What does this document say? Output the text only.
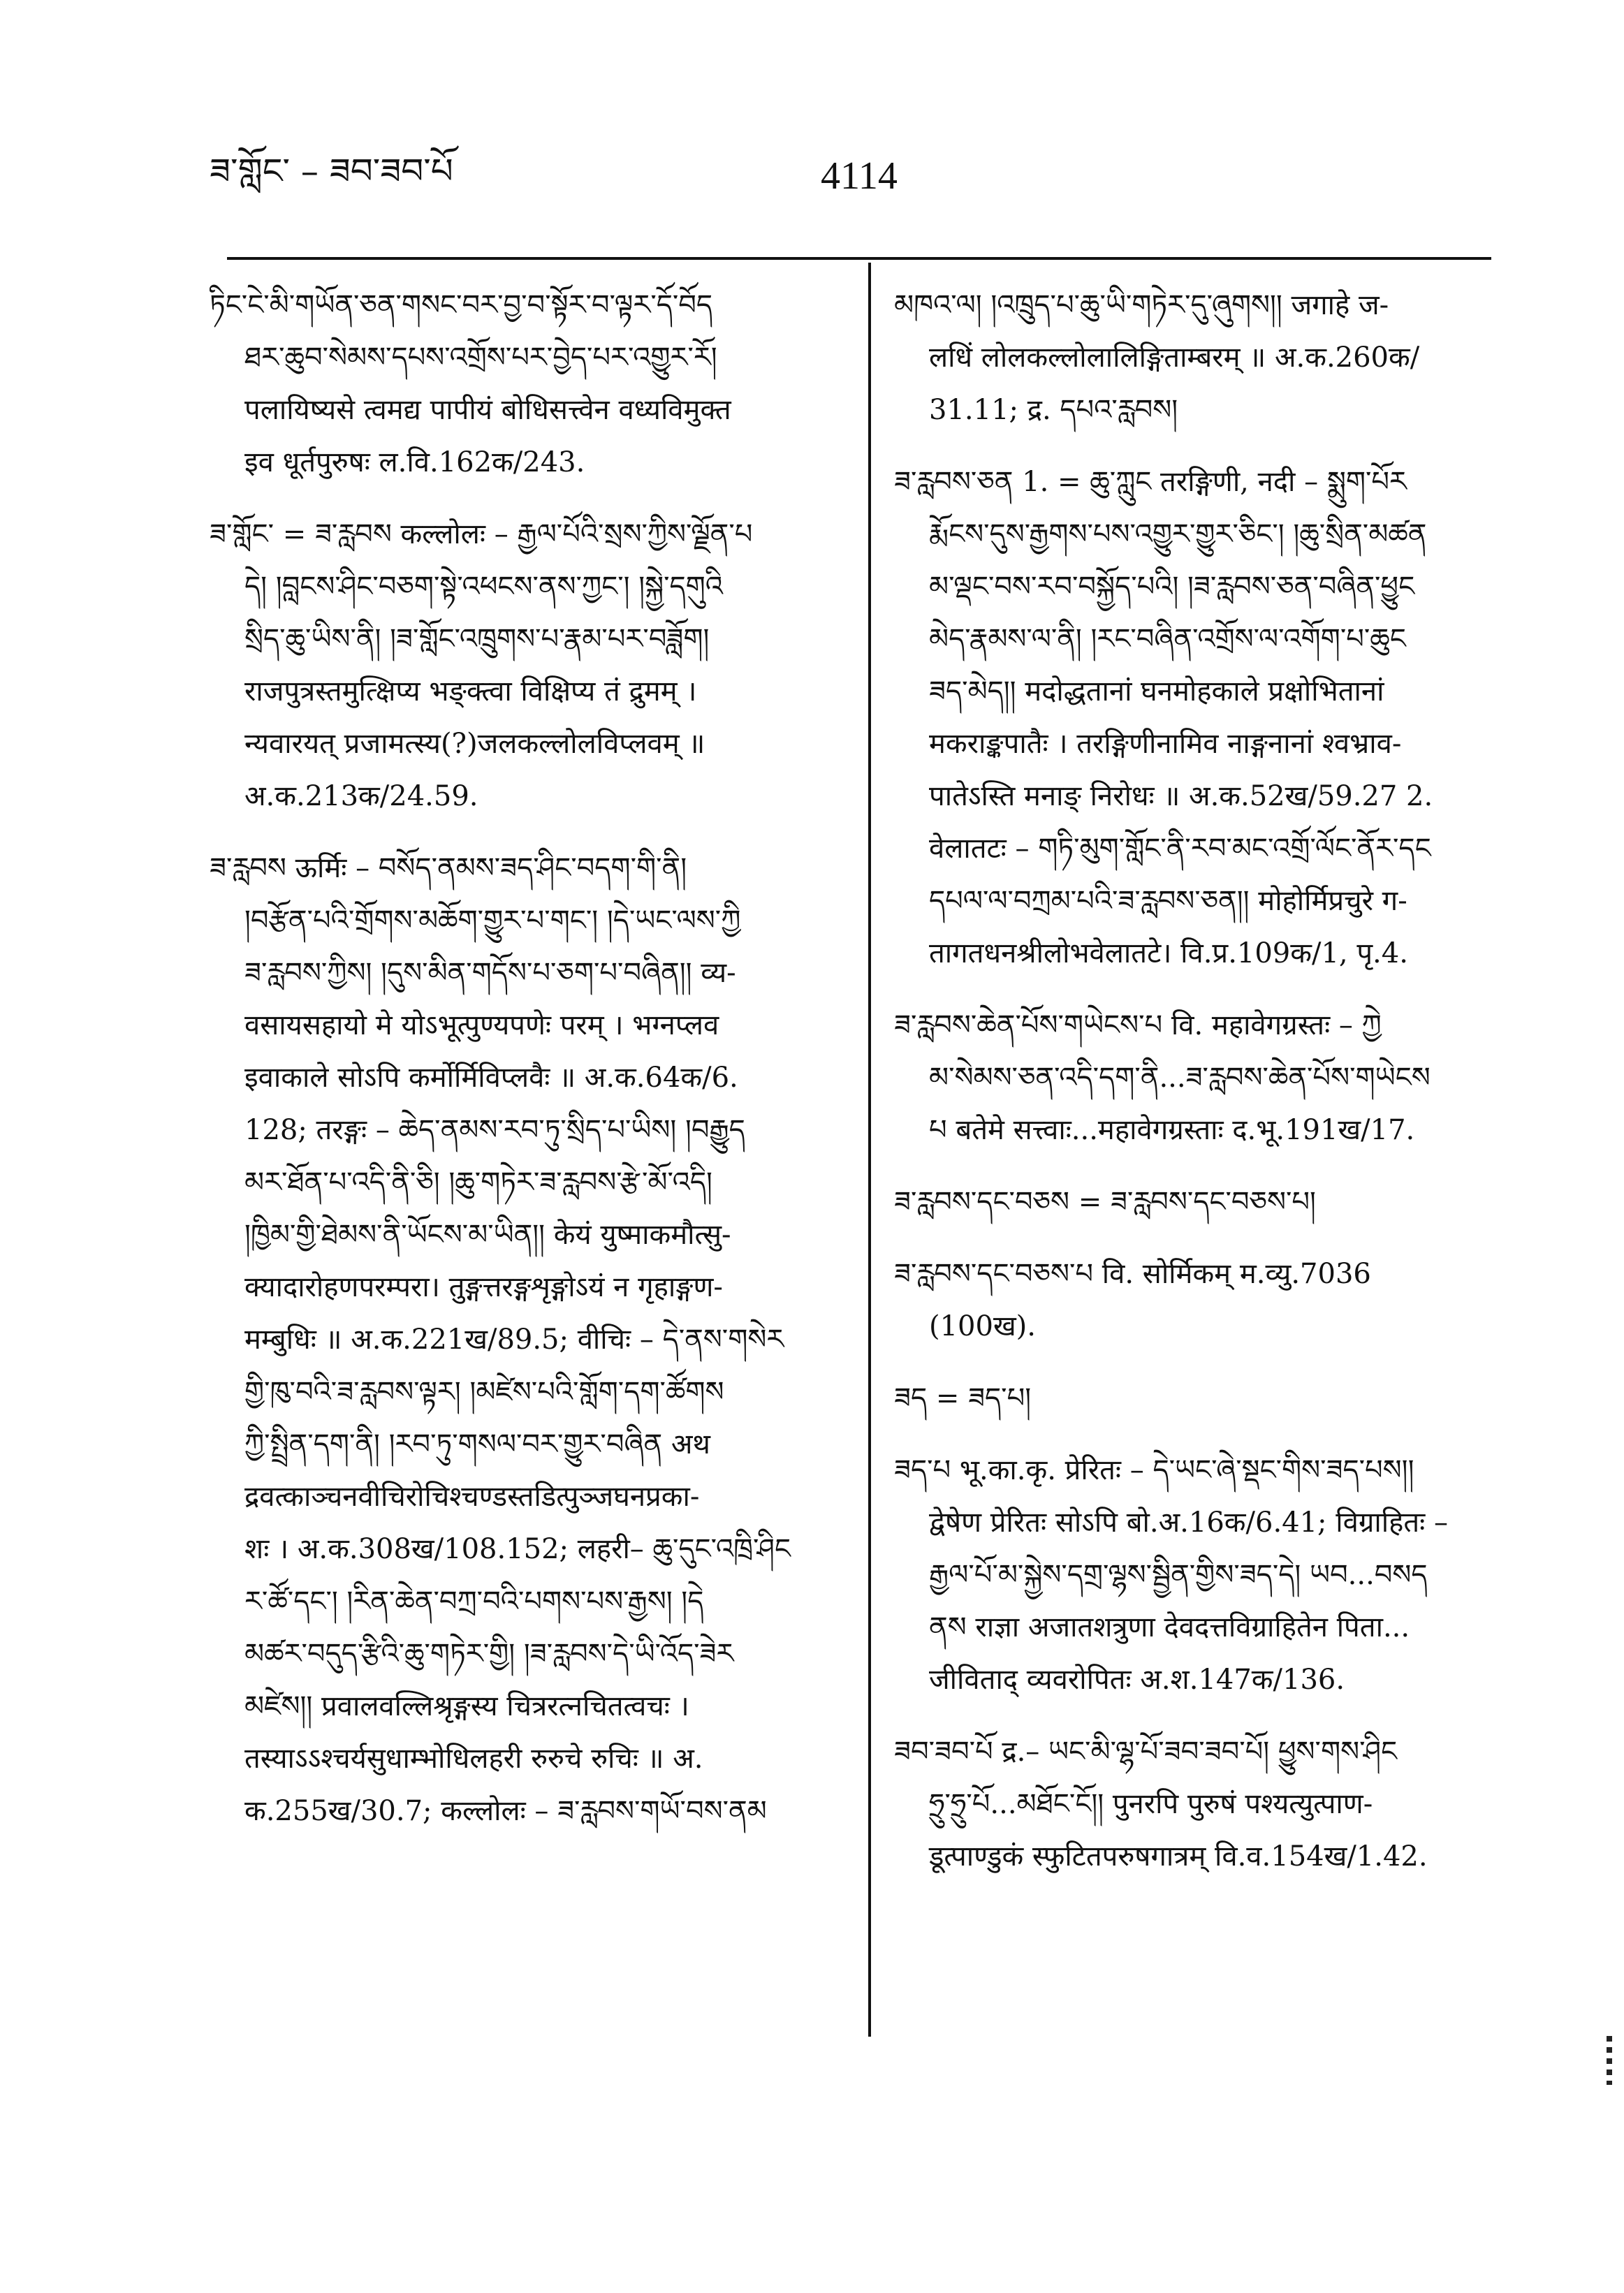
ཟ་གློང་ – ཟབ་ཟབ་པོ	4114
ཏིང་ངེ་མི་གཡོན་ཅན་གསང་བར་བྱ་བ་སྟོར་བ་ལྟར་དོ་བོད
ཐར་ཆུབ་སེམས་དཔས་འགྲོས་པར་བྱེད་པར་འགྱུར་རོ།
पलायिष्यसे त्वमद्य पापीयं बोधिसत्त्वेन वध्यविमुक्त
इव धूर्तपुरुषः ल.वि.162क/243.
ཟ་གློང་ = ཟ་རླབས कल्लोलः – རྒྱལ་པོའི་སྲས་ཀྱིས་ལྗོན་པ
དེ། །བླངས་ཤིང་བཅག་སྟེ་འཕངས་ནས་ཀྱང་། །སྐྱེ་དགུའི
སྲིད་ཆུ་ཡིས་ནི། །ཟ་གློང་འཁྲུགས་པ་རྣམ་པར་བཟློག།
राजपुत्रस्तमुत्क्षिप्य भङ्क्त्वा विक्षिप्य तं द्रुमम् ।
न्यवारयत् प्रजामत्स्य(?)जलकल्लोलविप्लवम् ॥
अ.क.213क/24.59.
ཟ་རླབས ऊर्मिः – བསོད་ནམས་ཟད་ཤིང་བདག་གི་ནི།
།བརྩོན་པའི་གྲོགས་མཆོག་གྱུར་པ་གང་། །དེ་ཡང་ལས་ཀྱི
ཟ་རླབས་ཀྱིས། །དུས་མིན་གདོས་པ་ཅག་པ་བཞིན།། व्य-
वसायसहायो मे योऽभूत्पुण्यपणेः परम् । भग्नप्लव
इवाकाले सोऽपि कर्मोर्मिविप्लवैः ॥ अ.क.64क/6.
128; तरङ्गः – ཆེད་ནམས་རབ་ཏུ་སྲིད་པ་ཡིས། །བརྒྱུད
མར་ཐོན་པ་འདི་ནི་ཅི། །ཆུ་གཏེར་ཟ་རླབས་རྩེ་མོ་འདི།
།ཁྱིམ་གྱི་ཐེམས་ནི་ཡོངས་མ་ཡིན།། केयं युष्माकमौत्सु-
क्यादारोहणपरम्परा। तुङ्गत्तरङ्गशृङ्गोऽयं न गृहाङ्गण-
मम्बुधिः ॥ अ.क.221ख/89.5; वीचिः – དེ་ནས་གསེར
གྱི་ཁུ་བའི་ཟ་རླབས་ལྟར། །མཛེས་པའི་གློག་དག་ཚོགས
ཀྱི་སྤྲིན་དག་ནི། །རབ་ཏུ་གསལ་བར་གྱུར་བཞིན अथ
द्रवत्काञ्चनवीचिरोचिश्चण्डस्तडित्पुञ्जघनप्रका-
शः । अ.क.308ख/108.152; लहरी– ཆུ་དུང་འཁྲི་ཤིང
ར་ཚོ་དང་། །རིན་ཆེན་བཀྲ་བའི་པགས་པས་རྒྱས། །དེ
མཚར་བདུད་རྩིའི་ཆུ་གཏེར་གྱི། །ཟ་རླབས་དེ་ཡི་འོད་ཟེར
མཛེས།། प्रवालवल्लिश्रृङ्गस्य चित्ररत्नचितत्वचः ।
तस्याऽऽश्चर्यसुधाम्भोधिलहरी रुरुचे रुचिः ॥ अ.
क.255ख/30.7; कल्लोलः – ཟ་རླབས་གཡོ་བས་ནམ
མཁའ་ལ། །འཁྲུད་པ་ཆུ་ཡི་གཏེར་དུ་ཞུགས།། जगाहे ज-
लधिं लोलकल्लोलालिङ्गिताम्बरम् ॥ अ.क.260क/
31.11; द्र. དཔའ་རླབས།
ཟ་རླབས་ཅན 1. = ཆུ་ཀླུང तरङ्गिणी, नदी – སྨུག་པོར
རྨོངས་དུས་རྒྱགས་པས་འགྱུར་གྱུར་ཅིང་། །ཆུ་སྲིན་མཚན
མ་ལྡང་བས་རབ་བསྐྱོད་པའི། །ཟ་རླབས་ཅན་བཞིན་ཕྱུང
མེད་རྣམས་ལ་ནི། །རང་བཞིན་འགྲོས་ལ་འགོག་པ་ཆུང
ཟད་མེད།། मदोद्धतानां घनमोहकाले प्रक्षोभितानां
मकराङ्कपातैः । तरङ्गिणीनामिव नाङ्गनानां श्वभ्राव-
पातेऽस्ति मनाङ् निरोधः ॥ अ.क.52ख/59.27 2.
वेलातटः – གཏི་མུག་གློང་ནི་རབ་མང་འགྲོ་ལོང་ནོར་དང
དཔལ་ལ་བཀྲམ་པའི་ཟ་རླབས་ཅན།། मोहोर्मिप्रचुरे ग-
तागतधनश्रीलोभवेलातटे। वि.प्र.109क/1, पृ.4.
ཟ་རླབས་ཆེན་པོས་གཡེངས་པ वि. महावेगग्रस्तः – ཀྱེ
མ་སེམས་ཅན་འདི་དག་ནི...ཟ་རླབས་ཆེན་པོས་གཡེངས
པ बतेमे सत्त्वाः...महावेगग्रस्ताः द.भू.191ख/17.
ཟ་རླབས་དང་བཅས = ཟ་རླབས་དང་བཅས་པ།
ཟ་རླབས་དང་བཅས་པ वि. सोर्मिकम् म.व्यु.7036
(100ख).
ཟད = ཟད་པ།
ཟད་པ भू.का.कृ. प्रेरितः – དེ་ཡང་ཞེ་སྡང་གིས་ཟད་པས།།
द्वेषेण प्रेरितः सोऽपि बो.अ.16क/6.41; विग्राहितः –
རྒྱལ་པོ་མ་སྐྱེས་དགྲ་ལྷས་སྦྱིན་གྱིས་ཟད་དེ། ཡབ...བསད
ནས राज्ञा अजातशत्रुणा देवदत्तविग्राहितेन पिता...
जीविताद् व्यवरोपितः अ.श.147क/136.
ཟབ་ཟབ་པོ द्र.– ཡང་མི་ལྷ་པོ་ཟབ་ཟབ་པོ། ཕྱུས་གས་ཤིང
ཧྲུ་ཧྲུ་པོ...མཐོང་ངོ།། पुनरपि पुरुषं पश्यत्युत्पाण-
डूत्पाण्डुकं स्फुटितपरुषगात्रम् वि.व.154ख/1.42.
